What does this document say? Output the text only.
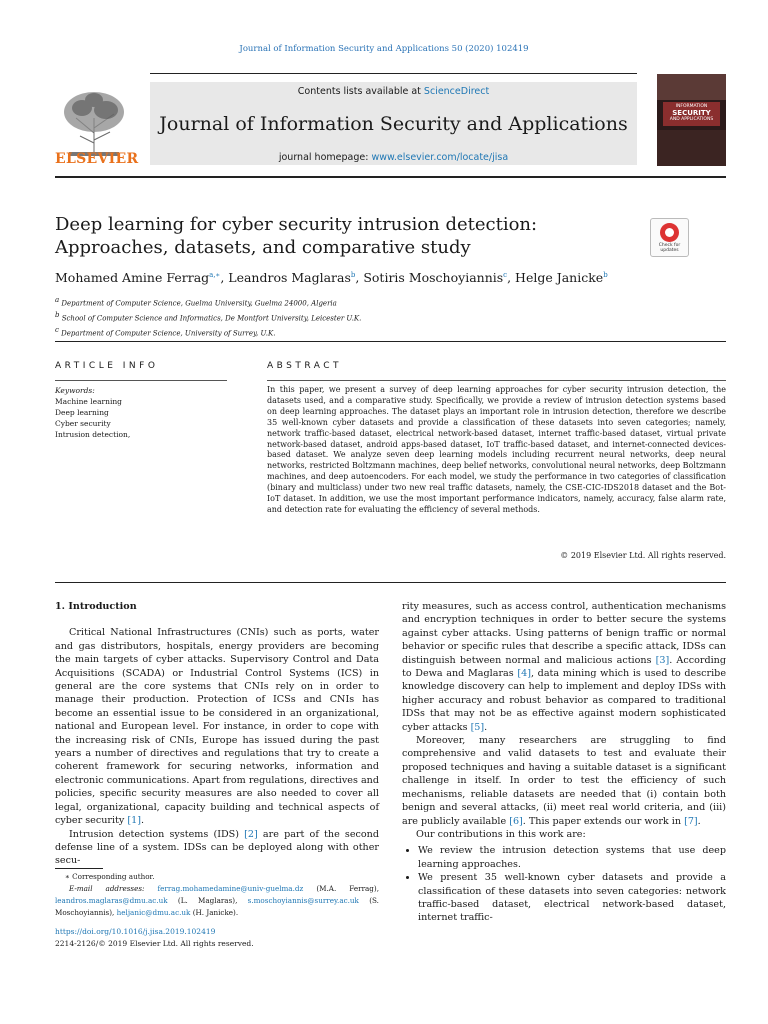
Journal of Information Security and Applications 50 (2020) 102419
ELSEVIER
Contents lists available at ScienceDirect
Journal of Information Security and Applications
journal homepage: www.elsevier.com/locate/jisa
INFORMATION
SECURITY
AND APPLICATIONS
Deep learning for cyber security intrusion detection: Approaches, datasets, and comparative study	Check for updates
Mohamed Amine Ferrag$^{a,∗}$, Leandros Maglaras$^b$, Sotiris Moschoyiannis$^c$, Helge Janicke$^b$
$^a$ Department of Computer Science, Guelma University, Guelma 24000, Algeria
$^b$ School of Computer Science and Informatics, De Montfort University, Leicester U.K.
$^c$ Department of Computer Science, University of Surrey, U.K.
ARTICLE INFO	ABSTRACT
Keywords:
Machine learning
Deep learning
Cyber security
Intrusion detection,
In this paper, we present a survey of deep learning approaches for cyber security intrusion detection, the datasets used, and a comparative study. Specifically, we provide a review of intrusion detection systems based on deep learning approaches. The dataset plays an important role in intrusion detection, therefore we describe 35 well-known cyber datasets and provide a classification of these datasets into seven categories; namely, network traffic-based dataset, electrical network-based dataset, internet traffic-based dataset, virtual private network-based dataset, android apps-based dataset, IoT traffic-based dataset, and internet-connected devices-based dataset. We analyze seven deep learning models including recurrent neural networks, deep neural networks, restricted Boltzmann machines, deep belief networks, convolutional neural networks, deep Boltzmann machines, and deep autoencoders. For each model, we study the performance in two categories of classification (binary and multiclass) under two new real traffic datasets, namely, the CSE-CIC-IDS2018 dataset and the Bot-IoT dataset. In addition, we use the most important performance indicators, namely, accuracy, false alarm rate, and detection rate for evaluating the efficiency of several methods.
© 2019 Elsevier Ltd. All rights reserved.
1. Introduction

Critical National Infrastructures (CNIs) such as ports, water and gas distributors, hospitals, energy providers are becoming the main targets of cyber attacks. Supervisory Control and Data Acquisitions (SCADA) or Industrial Control Systems (ICS) in general are the core systems that CNIs rely on in order to manage their production. Protection of ICSs and CNIs has become an essential issue to be considered in an organizational, national and European level. For instance, in order to cope with the increasing risk of CNIs, Europe has issued during the past years a number of directives and regulations that try to create a coherent framework for securing networks, information and electronic communications. Apart from regulations, directives and policies, specific security measures are also needed to cover all legal, organizational, capacity building and technical aspects of cyber security [1].

Intrusion detection systems (IDS) [2] are part of the second defense line of a system. IDSs can be deployed along with other secu-

rity measures, such as access control, authentication mechanisms and encryption techniques in order to better secure the systems against cyber attacks. Using patterns of benign traffic or normal behavior or specific rules that describe a specific attack, IDSs can distinguish between normal and malicious actions [3]. According to Dewa and Maglaras [4], data mining which is used to describe knowledge discovery can help to implement and deploy IDSs with higher accuracy and robust behavior as compared to traditional IDSs that may not be as effective against modern sophisticated cyber attacks [5].

Moreover, many researchers are struggling to find comprehensive and valid datasets to test and evaluate their proposed techniques and having a suitable dataset is a significant challenge in itself. In order to test the efficiency of such mechanisms, reliable datasets are needed that (i) contain both benign and several attacks, (ii) meet real world criteria, and (iii) are publicly available [6]. This paper extends our work in [7].

Our contributions in this work are:

• We review the intrusion detection systems that use deep learning approaches.
• We present 35 well-known cyber datasets and provide a classification of these datasets into seven categories: network traffic-based dataset, electrical network-based dataset, internet traffic-
∗ Corresponding author.
E-mail addresses: ferrag.mohamedamine@univ-guelma.dz (M.A. Ferrag), leandros.maglaras@dmu.ac.uk (L. Maglaras), s.moschoyiannis@surrey.ac.uk (S. Moschoyiannis), heljanic@dmu.ac.uk (H. Janicke).
https://doi.org/10.1016/j.jisa.2019.102419
2214-2126/© 2019 Elsevier Ltd. All rights reserved.
